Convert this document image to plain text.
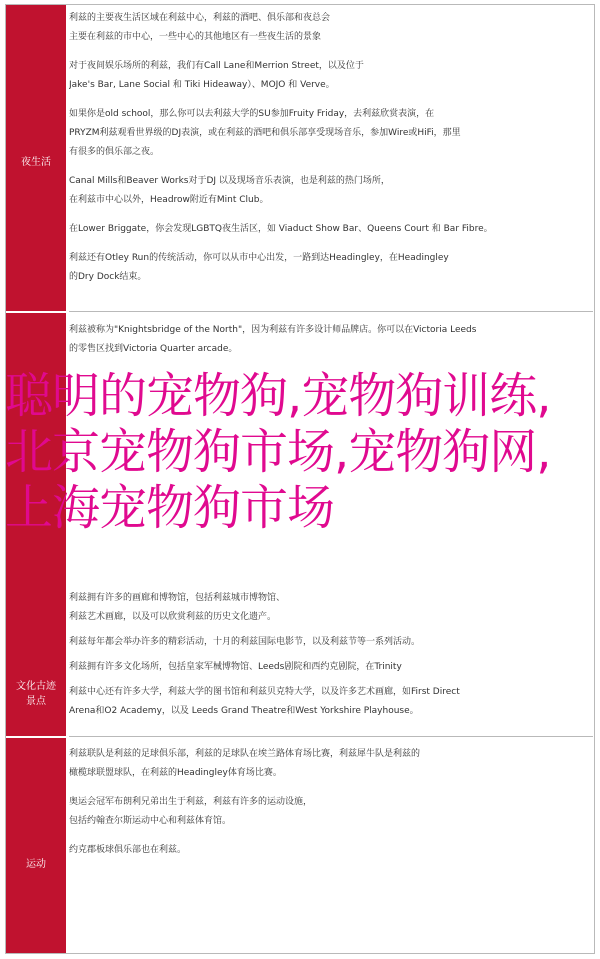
夜生活
文化古迹
景点
运动
利兹的主要夜生活区域在利兹中心，利兹的酒吧、俱乐部和夜总会
主要在利兹的市中心，一些中心的其他地区有一些夜生活的景象
对于夜间娱乐场所的利兹，我们有Call Lane和Merrion Street，以及位于
Jake's Bar, Lane Social 和 Tiki Hideaway）、MOJO 和 Verve。
如果你是old school，那么你可以去利兹大学的SU参加Fruity Friday，去利兹欣赏表演，在
PRYZM利兹观看世界级的DJ表演，或在利兹的酒吧和俱乐部享受现场音乐，参加Wire或HiFi，那里
有很多的俱乐部之夜。
Canal Mills和Beaver Works对于DJ 以及现场音乐表演，也是利兹的热门场所，
在利兹市中心以外，Headrow附近有Mint Club。
在Lower Briggate，你会发现LGBTQ夜生活区，如 Viaduct Show Bar、Queens Court 和 Bar Fibre。
利兹还有Otley Run的传统活动，你可以从市中心出发，一路到达Headingley，在Headingley
的Dry Dock结束。
利兹被称为"Knightsbridge of the North"，因为利兹有许多设计师品牌店。你可以在Victoria Leeds
的零售区找到Victoria Quarter arcade。
利兹拥有许多的画廊和博物馆，包括利兹城市博物馆、
利兹艺术画廊，以及可以欣赏利兹的历史文化遗产。
利兹每年都会举办许多的精彩活动，十月的利兹国际电影节，以及利兹节等一系列活动。
利兹拥有许多文化场所，包括皇家军械博物馆、Leeds剧院和西约克剧院，在Trinity
利兹中心还有许多大学，利兹大学的图书馆和利兹贝克特大学，以及许多艺术画廊，如First Direct
Arena和O2 Academy，以及 Leeds Grand Theatre和West Yorkshire Playhouse。
利兹联队是利兹的足球俱乐部，利兹的足球队在埃兰路体育场比赛，利兹犀牛队是利兹的
橄榄球联盟球队，在利兹的Headingley体育场比赛。
奥运会冠军布朗利兄弟出生于利兹，利兹有许多的运动设施，
包括约翰查尔斯运动中心和利兹体育馆。
约克郡板球俱乐部也在利兹。
聪明的宠物狗,宠物狗训练,北京宠物狗市场,宠物狗网,上海宠物狗市场
